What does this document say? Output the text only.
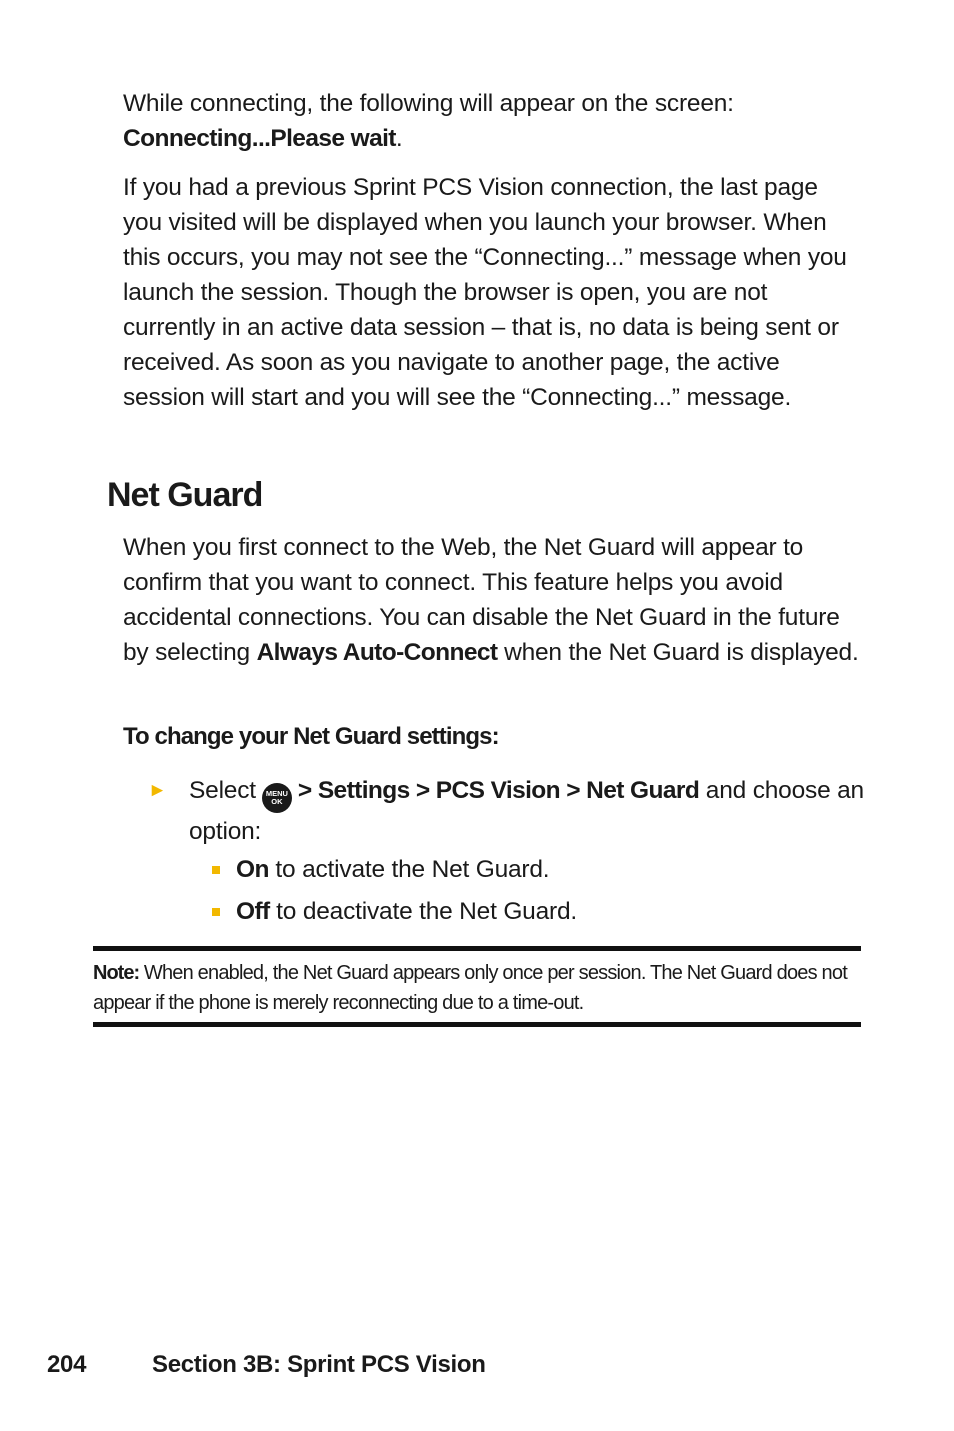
While connecting, the following will appear on the screen:
Connecting...Please wait.

If you had a previous Sprint PCS Vision connection, the last page you visited will be displayed when you launch your browser. When this occurs, you may not see the “Connecting...” message when you launch the session. Though the browser is open, you are not currently in an active data session – that is, no data is being sent or received. As soon as you navigate to another page, the active session will start and you will see the “Connecting...” message.

Net Guard

When you first connect to the Web, the Net Guard will appear to confirm that you want to connect. This feature helps you avoid accidental connections. You can disable the Net Guard in the future by selecting Always Auto-Connect when the Net Guard is displayed.

To change your Net Guard settings:

► Select MENU
OK > Settings > PCS Vision > Net Guard and choose an option:
On to activate the Net Guard.
Off to deactivate the Net Guard.
Note: When enabled, the Net Guard appears only once per session. The Net Guard does not appear if the phone is merely reconnecting due to a time-out.
204	Section 3B: Sprint PCS Vision
